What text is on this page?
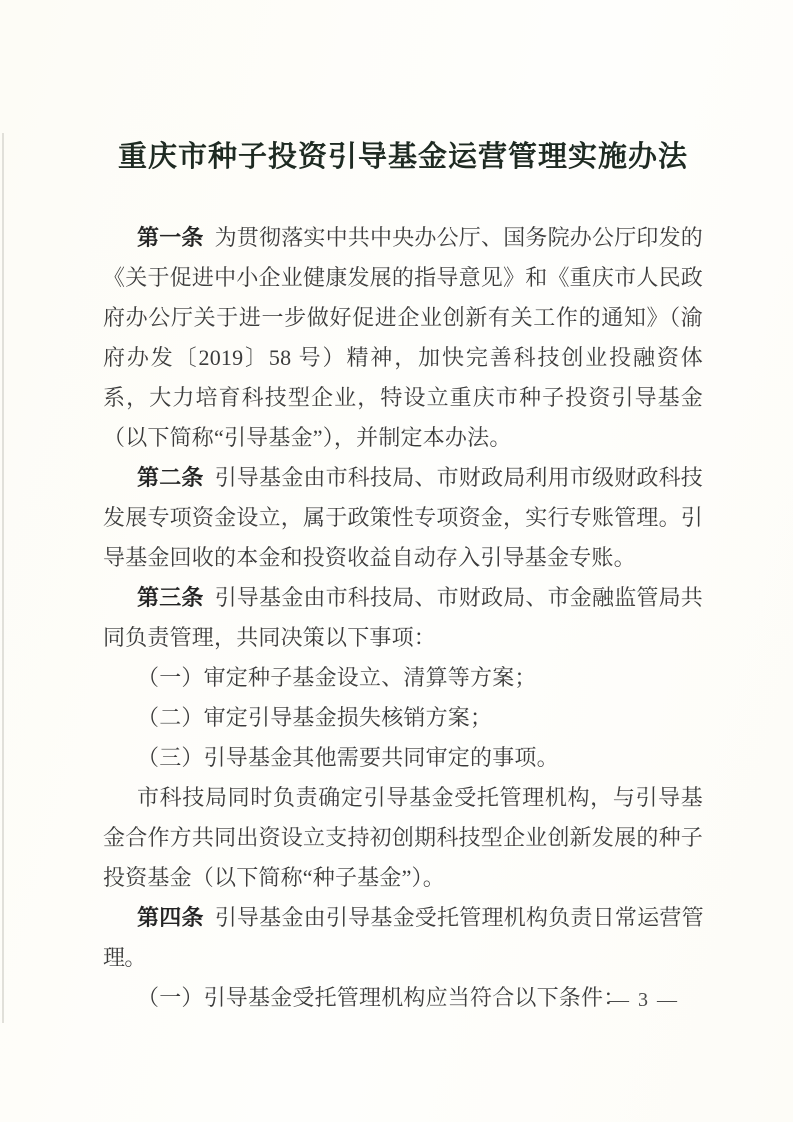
重庆市种子投资引导基金运营管理实施办法

第一条 为贯彻落实中共中央办公厅、国务院办公厅印发的《关于促进中小企业健康发展的指导意见》和《重庆市人民政府办公厅关于进一步做好促进企业创新有关工作的通知》（渝府办发〔2019〕58 号）精神，加快完善科技创业投融资体系，大力培育科技型企业，特设立重庆市种子投资引导基金（以下简称“引导基金”），并制定本办法。

第二条 引导基金由市科技局、市财政局利用市级财政科技发展专项资金设立，属于政策性专项资金，实行专账管理。引导基金回收的本金和投资收益自动存入引导基金专账。

第三条 引导基金由市科技局、市财政局、市金融监管局共同负责管理，共同决策以下事项：

（一）审定种子基金设立、清算等方案；

（二）审定引导基金损失核销方案；

（三）引导基金其他需要共同审定的事项。

市科技局同时负责确定引导基金受托管理机构，与引导基金合作方共同出资设立支持初创期科技型企业创新发展的种子投资基金（以下简称“种子基金”）。

第四条 引导基金由引导基金受托管理机构负责日常运营管理。

（一）引导基金受托管理机构应当符合以下条件：

— 3 —
